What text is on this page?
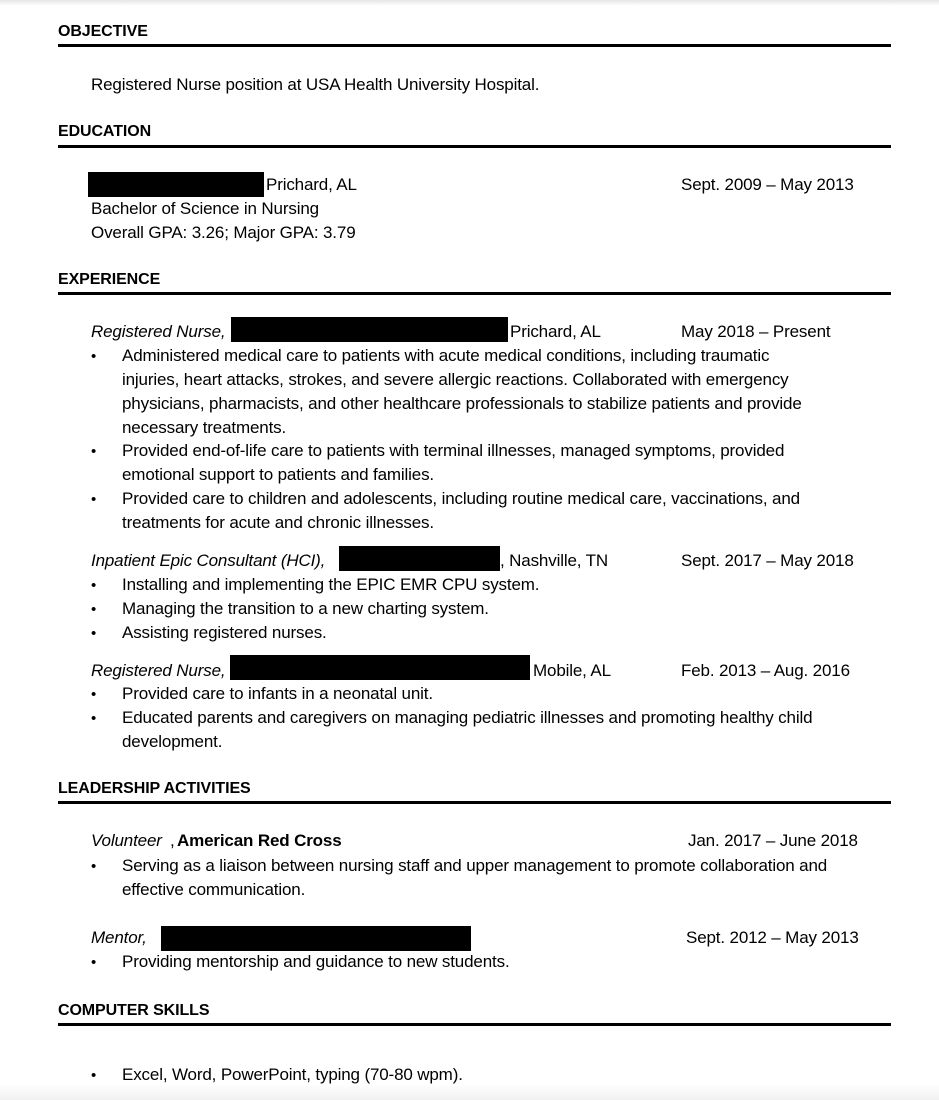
OBJECTIVE
Registered Nurse position at USA Health University Hospital.
EDUCATION
Prichard, AL	Sept. 2009 – May 2013
Bachelor of Science in Nursing
Overall GPA: 3.26; Major GPA: 3.79
EXPERIENCE
Registered Nurse,	Prichard, AL	May 2018 – Present
• Administered medical care to patients with acute medical conditions, including traumatic
injuries, heart attacks, strokes, and severe allergic reactions. Collaborated with emergency
physicians, pharmacists, and other healthcare professionals to stabilize patients and provide
necessary treatments.
• Provided end-of-life care to patients with terminal illnesses, managed symptoms, provided
emotional support to patients and families.
• Provided care to children and adolescents, including routine medical care, vaccinations, and
treatments for acute and chronic illnesses.
Inpatient Epic Consultant (HCI),	, Nashville, TN	Sept. 2017 – May 2018
• Installing and implementing the EPIC EMR CPU system.
• Managing the transition to a new charting system.
• Assisting registered nurses.
Registered Nurse,	Mobile, AL	Feb. 2013 – Aug. 2016
• Provided care to infants in a neonatal unit.
• Educated parents and caregivers on managing pediatric illnesses and promoting healthy child
development.
LEADERSHIP ACTIVITIES
Volunteer , American Red Cross	Jan. 2017 – June 2018
• Serving as a liaison between nursing staff and upper management to promote collaboration and
effective communication.
Mentor,	Sept. 2012 – May 2013
• Providing mentorship and guidance to new students.
COMPUTER SKILLS
• Excel, Word, PowerPoint, typing (70-80 wpm).
